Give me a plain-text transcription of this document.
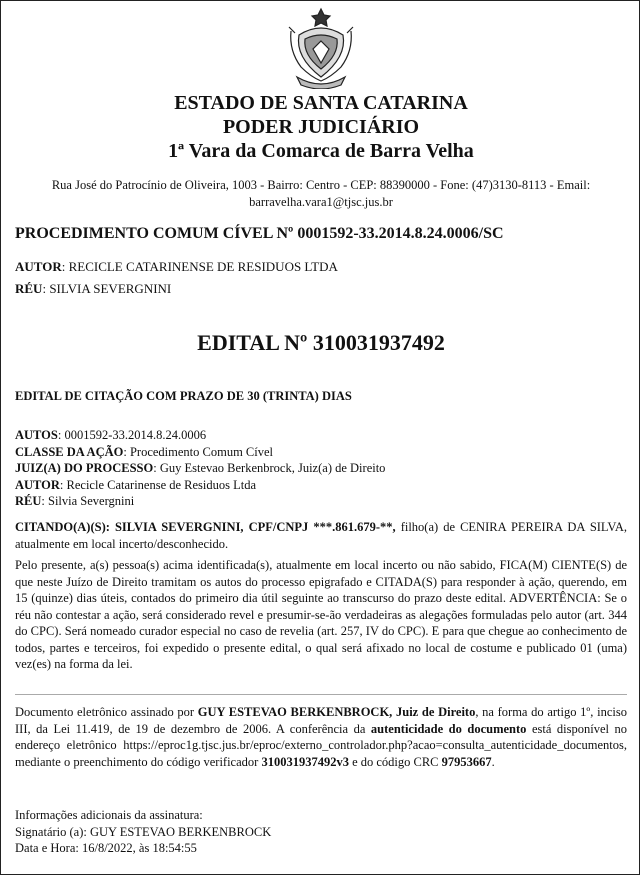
ESTADO DE SANTA CATARINA
PODER JUDICIÁRIO
1ª Vara da Comarca de Barra Velha
Rua José do Patrocínio de Oliveira, 1003 - Bairro: Centro - CEP: 88390000 - Fone: (47)3130-8113 - Email:
barravelha.vara1@tjsc.jus.br
PROCEDIMENTO COMUM CÍVEL Nº 0001592-33.2014.8.24.0006/SC
AUTOR: RECICLE CATARINENSE DE RESIDUOS LTDA
RÉU: SILVIA SEVERGNINI
EDITAL Nº 310031937492
EDITAL DE CITAÇÃO COM PRAZO DE 30 (TRINTA) DIAS
AUTOS: 0001592-33.2014.8.24.0006
CLASSE DA AÇÃO: Procedimento Comum Cível
JUIZ(A) DO PROCESSO: Guy Estevao Berkenbrock, Juiz(a) de Direito
AUTOR: Recicle Catarinense de Residuos Ltda
RÉU: Silvia Severgnini
CITANDO(A)(S): SILVIA SEVERGNINI, CPF/CNPJ ***.861.679-**, filho(a) de CENIRA PEREIRA DA SILVA, atualmente em local incerto/desconhecido.
Pelo presente, a(s) pessoa(s) acima identificada(s), atualmente em local incerto ou não sabido, FICA(M) CIENTE(S) de que neste Juízo de Direito tramitam os autos do processo epigrafado e CITADA(S) para responder à ação, querendo, em 15 (quinze) dias úteis, contados do primeiro dia útil seguinte ao transcurso do prazo deste edital. ADVERTÊNCIA: Se o réu não contestar a ação, será considerado revel e presumir-se-ão verdadeiras as alegações formuladas pelo autor (art. 344 do CPC). Será nomeado curador especial no caso de revelia (art. 257, IV do CPC). E para que chegue ao conhecimento de todos, partes e terceiros, foi expedido o presente edital, o qual será afixado no local de costume e publicado 01 (uma) vez(es) na forma da lei.
Documento eletrônico assinado por GUY ESTEVAO BERKENBROCK, Juiz de Direito, na forma do artigo 1º, inciso III, da Lei 11.419, de 19 de dezembro de 2006. A conferência da autenticidade do documento está disponível no endereço eletrônico https://eproc1g.tjsc.jus.br/eproc/externo_controlador.php?acao=consulta_autenticidade_documentos, mediante o preenchimento do código verificador 310031937492v3 e do código CRC 97953667.
Informações adicionais da assinatura:
Signatário (a): GUY ESTEVAO BERKENBROCK
Data e Hora: 16/8/2022, às 18:54:55
